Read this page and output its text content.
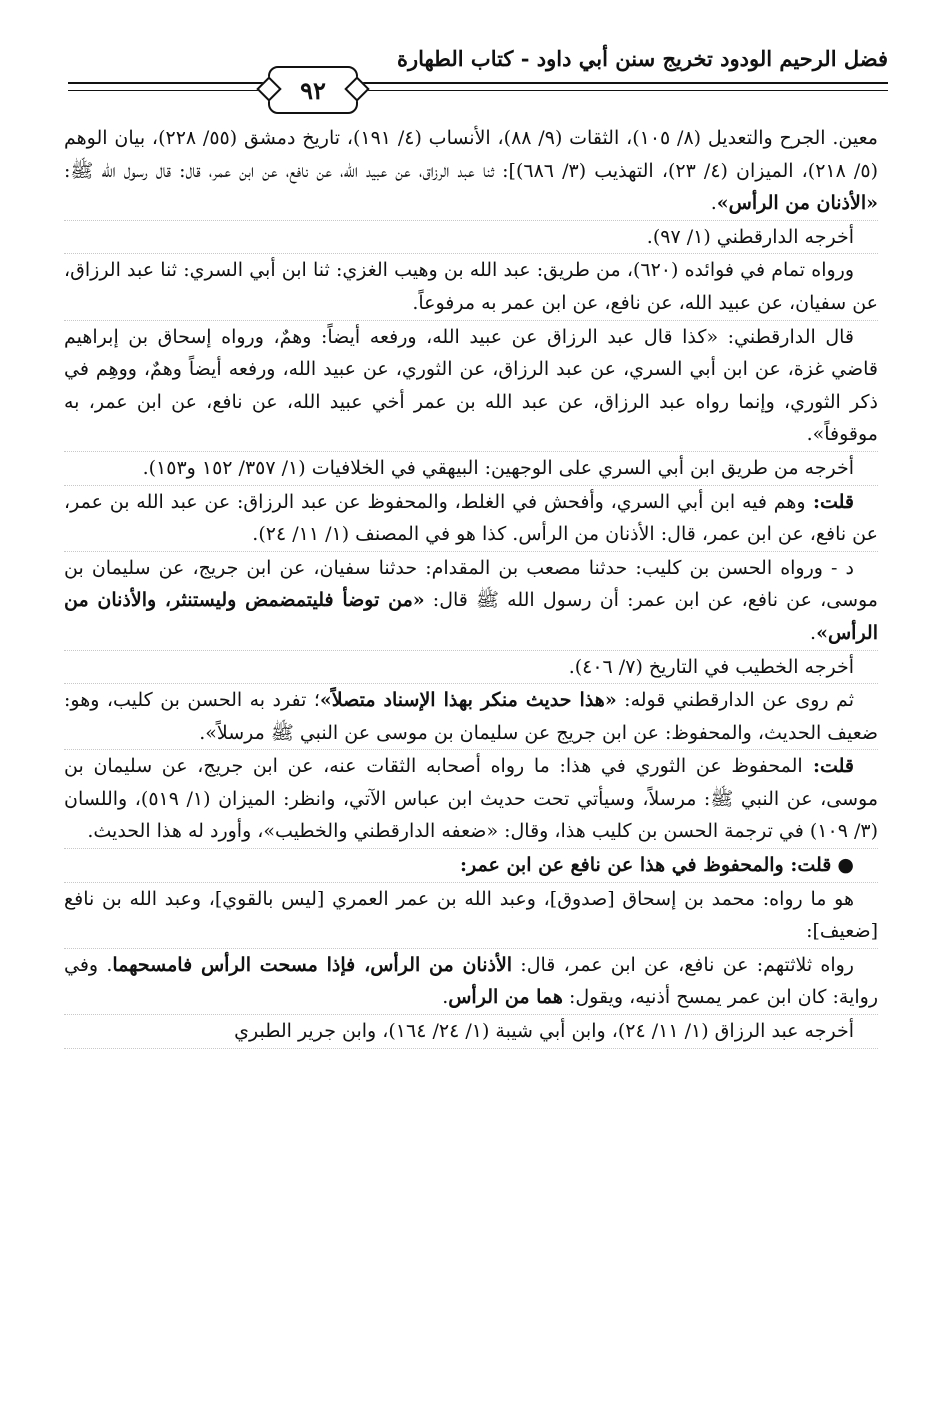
فضل الرحيم الودود تخريج سنن أبي داود - كتاب الطهارة
٩٢

معين. الجرح والتعديل (٨/ ١٠٥)، الثقات (٩/ ٨٨)، الأنساب (٤/ ١٩١)، تاريخ دمشق (٥٥/ ٢٢٨)، بيان الوهم (٥/ ٢١٨)، الميزان (٤/ ٢٣)، التهذيب (٣/ ٦٨٦)]: ثنا عبد الرزاق، عن عبيد الله، عن نافع، عن ابن عمر، قال: قال رسول الله ﷺ: «الأذنان من الرأس».

أخرجه الدارقطني (١/ ٩٧).

ورواه تمام في فوائده (٦٢٠)، من طريق: عبد الله بن وهيب الغزي: ثنا ابن أبي السري: ثنا عبد الرزاق، عن سفيان، عن عبيد الله، عن نافع، عن ابن عمر به مرفوعاً.

قال الدارقطني: «كذا قال عبد الرزاق عن عبيد الله، ورفعه أيضاً: وهمٌ، ورواه إسحاق بن إبراهيم قاضي غزة، عن ابن أبي السري، عن عبد الرزاق، عن الثوري، عن عبيد الله، ورفعه أيضاً وهمٌ، ووهِم في ذكر الثوري، وإنما رواه عبد الرزاق، عن عبد الله بن عمر أخي عبيد الله، عن نافع، عن ابن عمر، به موقوفاً».

أخرجه من طريق ابن أبي السري على الوجهين: البيهقي في الخلافيات (١/ ٣٥٧/ ١٥٢ و١٥٣).

قلت: وهم فيه ابن أبي السري، وأفحش في الغلط، والمحفوظ عن عبد الرزاق: عن عبد الله بن عمر، عن نافع، عن ابن عمر، قال: الأذنان من الرأس. كذا هو في المصنف (١/ ١١/ ٢٤).

د - ورواه الحسن بن كليب: حدثنا مصعب بن المقدام: حدثنا سفيان، عن ابن جريج، عن سليمان بن موسى، عن نافع، عن ابن عمر: أن رسول الله ﷺ قال: «من توضأ فليتمضمض وليستنثر، والأذنان من الرأس».

أخرجه الخطيب في التاريخ (٧/ ٤٠٦).

ثم روى عن الدارقطني قوله: «هذا حديث منكر بهذا الإسناد متصلاً»؛ تفرد به الحسن بن كليب، وهو: ضعيف الحديث، والمحفوظ: عن ابن جريج عن سليمان بن موسى عن النبي ﷺ مرسلاً».

قلت: المحفوظ عن الثوري في هذا: ما رواه أصحابه الثقات عنه، عن ابن جريج، عن سليمان بن موسى، عن النبي ﷺ: مرسلاً، وسيأتي تحت حديث ابن عباس الآتي، وانظر: الميزان (١/ ٥١٩)، واللسان (٣/ ١٠٩) في ترجمة الحسن بن كليب هذا، وقال: «ضعفه الدارقطني والخطيب»، وأورد له هذا الحديث.

●قلت: والمحفوظ في هذا عن نافع عن ابن عمر:

هو ما رواه: محمد بن إسحاق [صدوق]، وعبد الله بن عمر العمري [ليس بالقوي]، وعبد الله بن نافع [ضعيف]:

رواه ثلاثتهم: عن نافع، عن ابن عمر، قال: الأذنان من الرأس، فإذا مسحت الرأس فامسحهما. وفي رواية: كان ابن عمر يمسح أذنيه، ويقول: هما من الرأس.

أخرجه عبد الرزاق (١/ ١١/ ٢٤)، وابن أبي شيبة (١/ ٢٤/ ١٦٤)، وابن جرير الطبري
